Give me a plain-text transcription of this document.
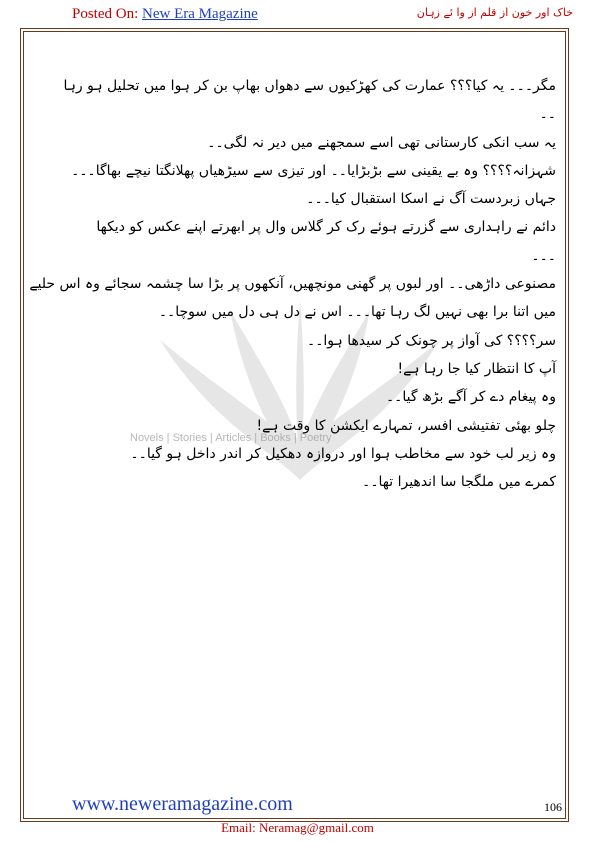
Posted On: New Era Magazine	خاک اور خون از قلم از وا ئے زہان
Novels | Stories | Articles | Books | Poetry
مگر۔۔۔ یہ کیا؟؟؟ عمارت کی کھڑکیوں سے دھواں بھاپ بن کر ہوا میں تحلیل ہو رہا
۔۔
یہ سب انکی کارستانی تھی اسے سمجھنے میں دیر نہ لگی۔۔
شہزانہ؟؟؟؟ وہ بے یقینی سے بڑبڑایا۔۔ اور تیزی سے سیڑھیاں پھلانگتا نیچے بھاگا۔۔۔
جہاں زبردست آگ نے اسکا استقبال کیا۔۔۔
دائم نے راہداری سے گزرتے ہوئے رک کر گلاس وال پر ابھرتے اپنے عکس کو دیکھا
۔۔۔
مصنوعی داڑھی۔۔ اور لبوں پر گھنی مونچھیں، آنکھوں پر بڑا سا چشمہ سجائے وہ اس حلیے
میں اتنا برا بھی نہیں لگ رہا تھا۔۔۔ اس نے دل ہی دل میں سوچا۔۔
سر؟؟؟؟ کی آواز پر چونک کر سیدھا ہوا۔۔
آپ کا انتظار کیا جا رہا ہے!
وہ پیغام دے کر آگے بڑھ گیا۔۔
چلو بھئی تفتیشی افسر، تمہارے ایکشن کا وقت ہے!
وہ زیر لب خود سے مخاطب ہوا اور دروازہ دھکیل کر اندر داخل ہو گیا۔۔
کمرے میں ملگجا سا اندھیرا تھا۔۔
www.neweramagazine.com	106
Email: Neramag@gmail.com
